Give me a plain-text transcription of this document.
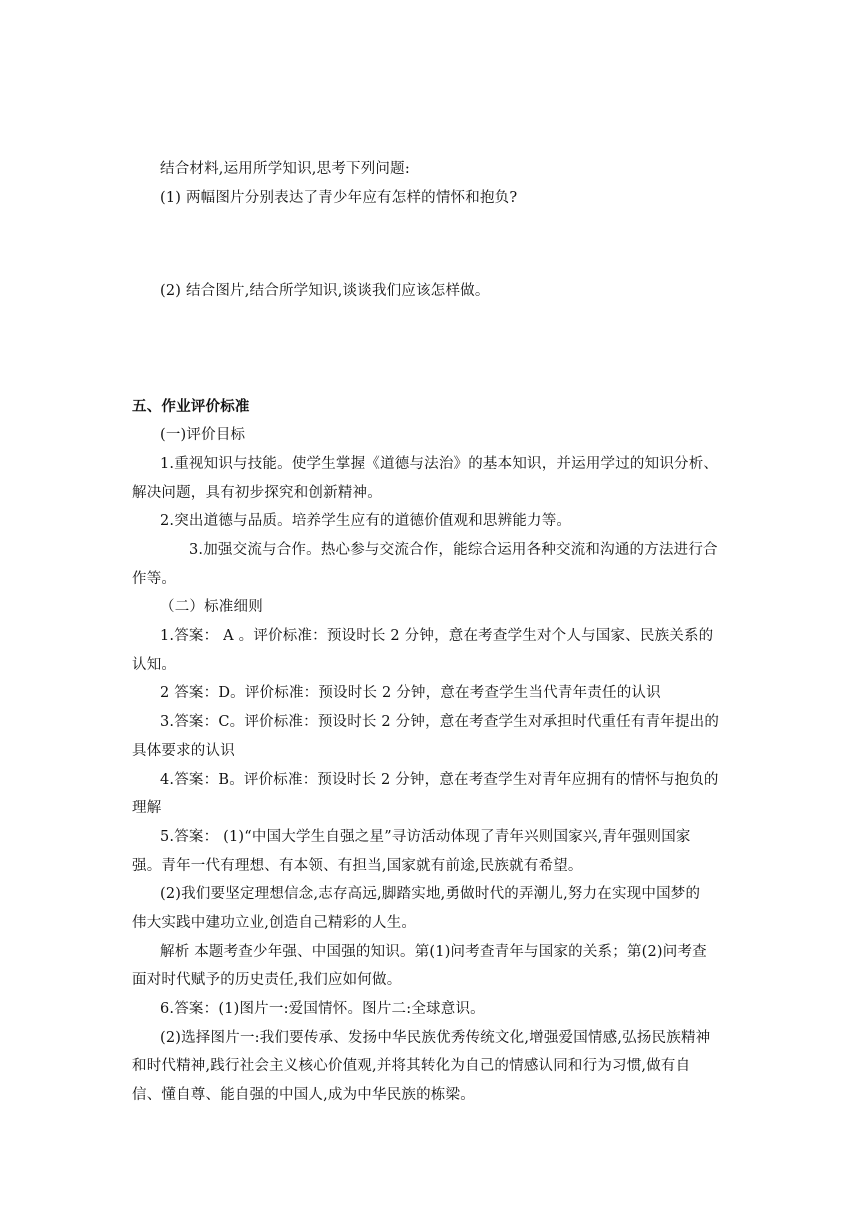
结合材料,运用所学知识,思考下列问题:
(1) 两幅图片分别表达了青少年应有怎样的情怀和抱负?
(2) 结合图片,结合所学知识,谈谈我们应该怎样做。
五、作业评价标准
(一)评价目标
1.重视知识与技能。使学生掌握《道德与法治》的基本知识，并运用学过的知识分析、
解决问题，具有初步探究和创新精神。
2.突出道德与品质。培养学生应有的道德价值观和思辨能力等。
3.加强交流与合作。热心参与交流合作，能综合运用各种交流和沟通的方法进行合
作等。
（二）标准细则
1.答案： A 。评价标准：预设时长 2 分钟，意在考查学生对个人与国家、民族关系的
认知。
2 答案：D。评价标准：预设时长 2 分钟，意在考查学生当代青年责任的认识
3.答案：C。评价标准：预设时长 2 分钟，意在考查学生对承担时代重任有青年提出的
具体要求的认识
4.答案：B。评价标准：预设时长 2 分钟，意在考查学生对青年应拥有的情怀与抱负的
理解
5.答案： (1)“中国大学生自强之星”寻访活动体现了青年兴则国家兴,青年强则国家
强。青年一代有理想、有本领、有担当,国家就有前途,民族就有希望。
(2)我们要坚定理想信念,志存高远,脚踏实地,勇做时代的弄潮儿,努力在实现中国梦的
伟大实践中建功立业,创造自己精彩的人生。
解析 本题考查少年强、中国强的知识。第(1)问考查青年与国家的关系；第(2)问考查
面对时代赋予的历史责任,我们应如何做。
6.答案：(1)图片一:爱国情怀。图片二:全球意识。
(2)选择图片一:我们要传承、发扬中华民族优秀传统文化,增强爱国情感,弘扬民族精神
和时代精神,践行社会主义核心价值观,并将其转化为自己的情感认同和行为习惯,做有自
信、懂自尊、能自强的中国人,成为中华民族的栋梁。
